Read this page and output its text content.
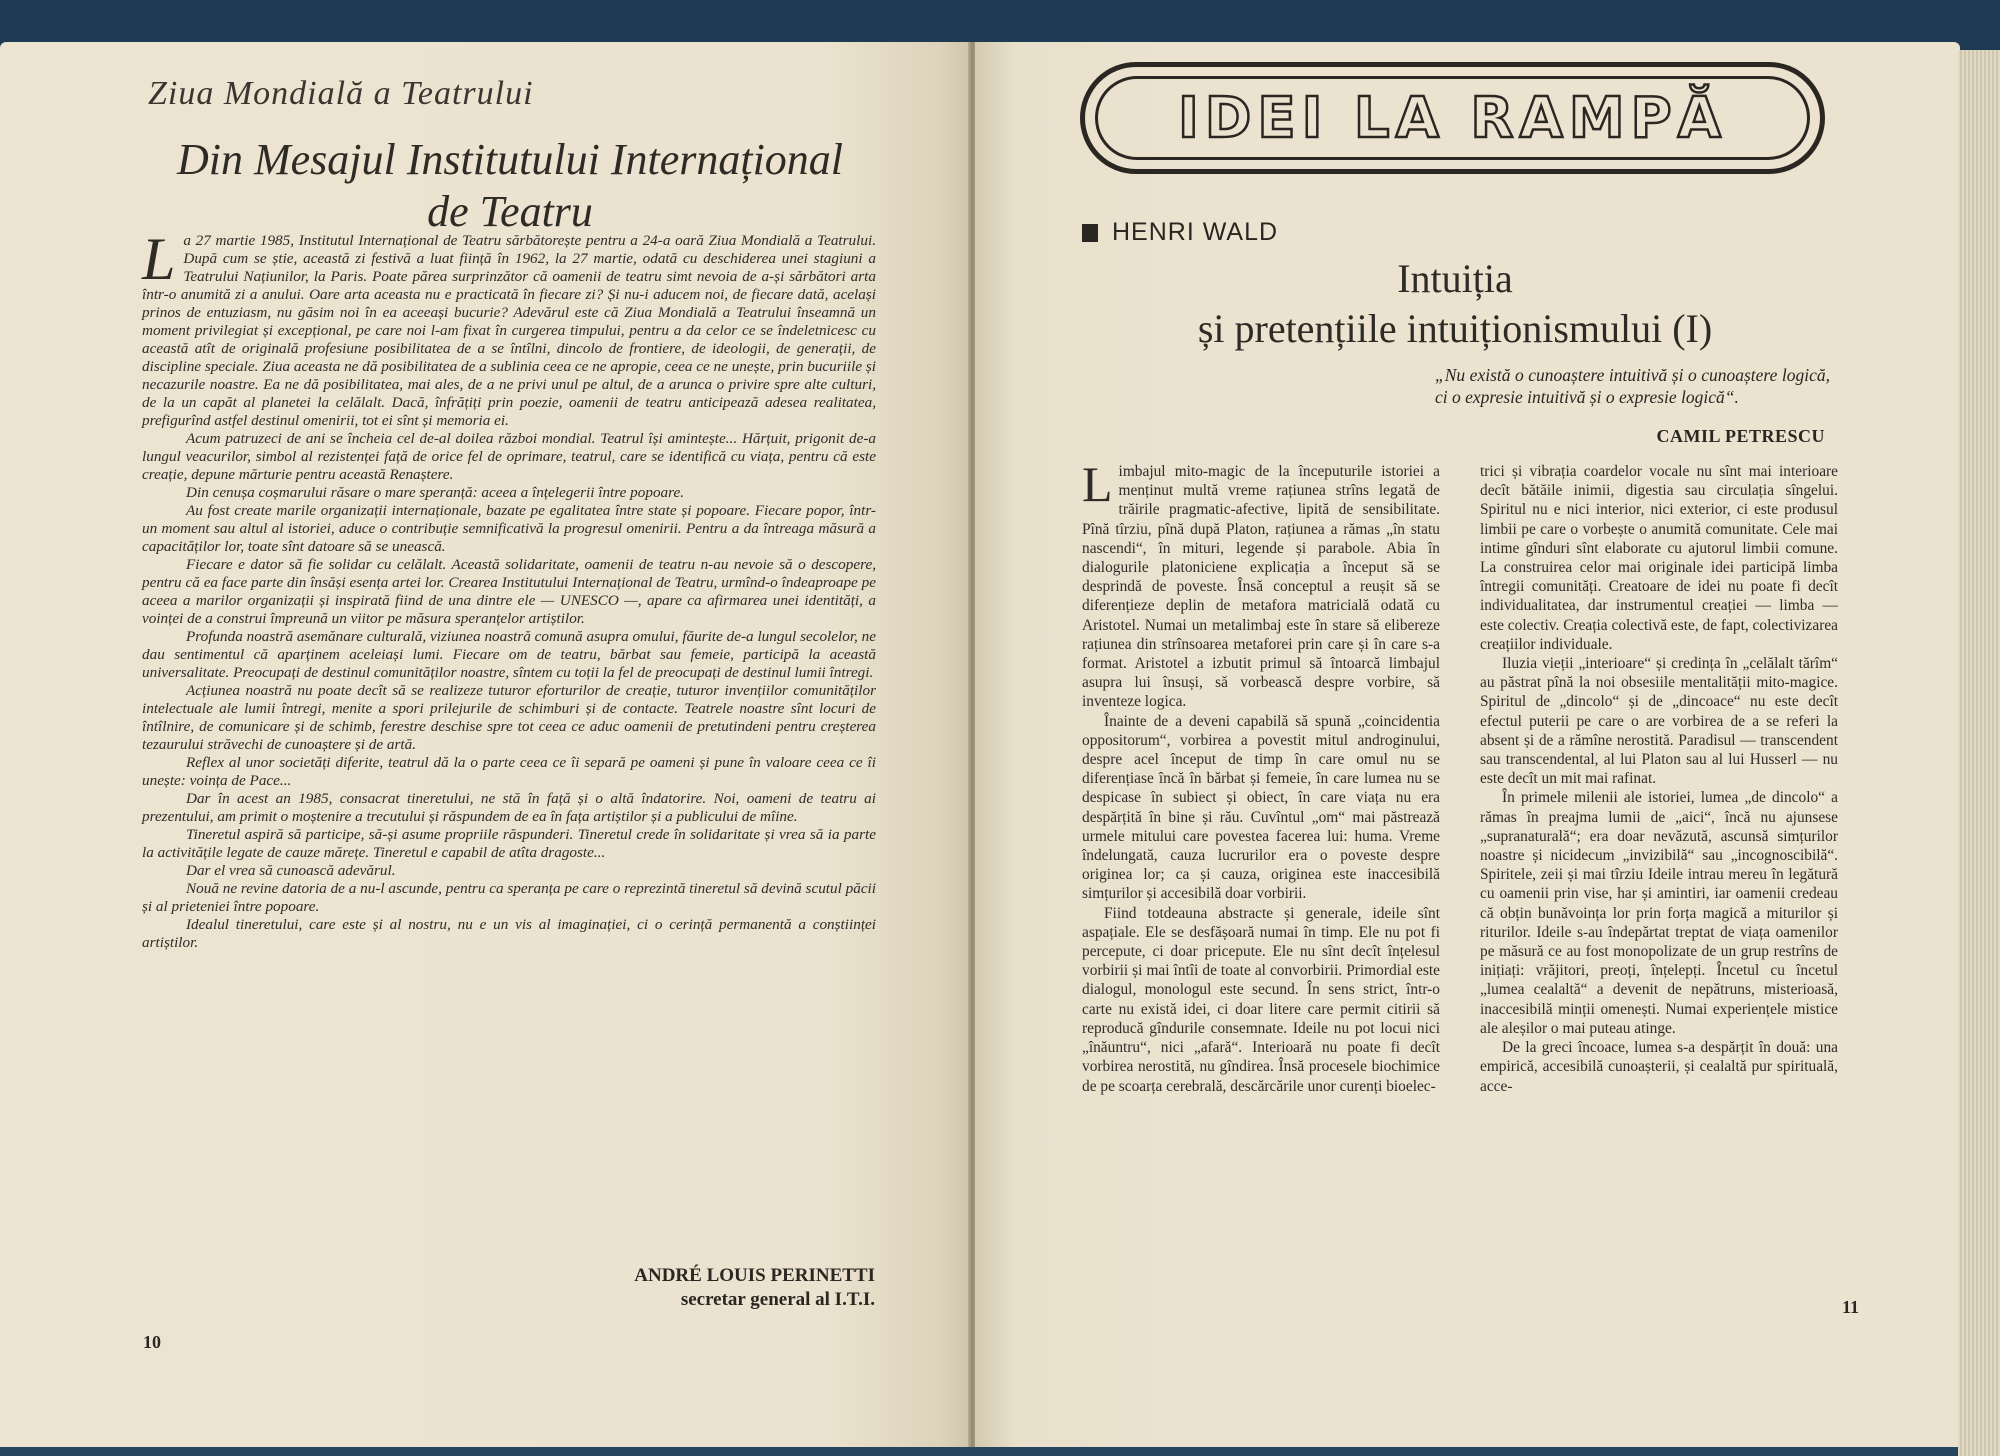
Ziua Mondială a Teatrului
Din Mesajul Institutului Internațional
de Teatru

La 27 martie 1985, Institutul Internațional de Teatru sărbătorește pentru a 24-a oară Ziua Mondială a Teatrului. După cum se știe, această zi festivă a luat ființă în 1962, la 27 martie, odată cu deschiderea unei stagiuni a Teatrului Națiunilor, la Paris. Poate părea surprinzător că oamenii de teatru simt nevoia de a-și sărbători arta într-o anumită zi a anului. Oare arta aceasta nu e practicată în fiecare zi? Și nu-i aducem noi, de fiecare dată, același prinos de entuziasm, nu găsim noi în ea aceeași bucurie? Adevărul este că Ziua Mondială a Teatrului înseamnă un moment privilegiat și excepțional, pe care noi l-am fixat în curgerea timpului, pentru a da celor ce se îndeletnicesc cu această atît de originală profesiune posibilitatea de a se întîlni, dincolo de frontiere, de ideologii, de generații, de discipline speciale. Ziua aceasta ne dă posibilitatea de a sublinia ceea ce ne apropie, ceea ce ne unește, prin bucuriile și necazurile noastre. Ea ne dă posibilitatea, mai ales, de a ne privi unul pe altul, de a arunca o privire spre alte culturi, de la un capăt al planetei la celălalt. Dacă, înfrățiți prin poezie, oamenii de teatru anticipează adesea realitatea, prefigurînd astfel destinul omenirii, tot ei sînt și memoria ei.

Acum patruzeci de ani se încheia cel de-al doilea război mondial. Teatrul își amintește... Hărțuit, prigonit de-a lungul veacurilor, simbol al rezistenței față de orice fel de oprimare, teatrul, care se identifică cu viața, pentru că este creație, depune mărturie pentru această Renaștere.

Din cenușa coșmarului răsare o mare speranță: aceea a înțelegerii între popoare.

Au fost create marile organizații internaționale, bazate pe egalitatea între state și popoare. Fiecare popor, într-un moment sau altul al istoriei, aduce o contribuție semnificativă la progresul omenirii. Pentru a da întreaga măsură a capacităților lor, toate sînt datoare să se unească.

Fiecare e dator să fie solidar cu celălalt. Această solidaritate, oamenii de teatru n-au nevoie să o descopere, pentru că ea face parte din însăși esența artei lor. Crearea Institutului Internațional de Teatru, urmînd-o îndeaproape pe aceea a marilor organizații și inspirată fiind de una dintre ele — UNESCO —, apare ca afirmarea unei identități, a voinței de a construi împreună un viitor pe măsura speranțelor artiștilor.

Profunda noastră asemănare culturală, viziunea noastră comună asupra omului, făurite de-a lungul secolelor, ne dau sentimentul că aparținem aceleiași lumi. Fiecare om de teatru, bărbat sau femeie, participă la această universalitate. Preocupați de destinul comunităților noastre, sîntem cu toții la fel de preocupați de destinul lumii întregi.

Acțiunea noastră nu poate decît să se realizeze tuturor eforturilor de creație, tuturor invențiilor comunităților intelectuale ale lumii întregi, menite a spori prilejurile de schimburi și de contacte. Teatrele noastre sînt locuri de întîlnire, de comunicare și de schimb, ferestre deschise spre tot ceea ce aduc oamenii de pretutindeni pentru creșterea tezaurului străvechi de cunoaștere și de artă.

Reflex al unor societăți diferite, teatrul dă la o parte ceea ce îi separă pe oameni și pune în valoare ceea ce îi unește: voința de Pace...

Dar în acest an 1985, consacrat tineretului, ne stă în față și o altă îndatorire. Noi, oameni de teatru ai prezentului, am primit o moștenire a trecutului și răspundem de ea în fața artiștilor și a publicului de mîine.

Tineretul aspiră să participe, să-și asume propriile răspunderi. Tineretul crede în solidaritate și vrea să ia parte la activitățile legate de cauze mărețe. Tineretul e capabil de atîta dragoste...

Dar el vrea să cunoască adevărul.

Nouă ne revine datoria de a nu-l ascunde, pentru ca speranța pe care o reprezintă tineretul să devină scutul păcii și al prieteniei între popoare.

Idealul tineretului, care este și al nostru, nu e un vis al imaginației, ci o cerință permanentă a conștiinței artiștilor.

ANDRÉ LOUIS PERINETTI
secretar general al I.T.I.
10
IDEI LA RAMPĂ
HENRI WALD
Intuiția
și pretențiile intuiționismului (I)
„Nu există o cunoaștere intuitivă și o cunoaștere logică, ci o expresie intuitivă și o expresie logică“.
CAMIL PETRESCU

Limbajul mito-magic de la începuturile istoriei a menținut multă vreme rațiunea strîns legată de trăirile pragmatic-afective, lipită de sensibilitate. Pînă tîrziu, pînă după Platon, rațiunea a rămas „în statu nascendi“, în mituri, legende și parabole. Abia în dialogurile platoniciene explicația a început să se desprindă de poveste. Însă conceptul a reușit să se diferențieze deplin de metafora matricială odată cu Aristotel. Numai un metalimbaj este în stare să elibereze rațiunea din strînsoarea metaforei prin care și în care s-a format. Aristotel a izbutit primul să întoarcă limbajul asupra lui însuși, să vorbească despre vorbire, să inventeze logica.

Înainte de a deveni capabilă să spună „coincidentia oppositorum“, vorbirea a povestit mitul androginului, despre acel început de timp în care omul nu se diferențiase încă în bărbat și femeie, în care lumea nu se despicase în subiect și obiect, în care viața nu era despărțită în bine și rău. Cuvîntul „om“ mai păstrează urmele mitului care povestea facerea lui: huma. Vreme îndelungată, cauza lucrurilor era o poveste despre originea lor; ca și cauza, originea este inaccesibilă simțurilor și accesibilă doar vorbirii.

Fiind totdeauna abstracte și generale, ideile sînt aspațiale. Ele se desfășoară numai în timp. Ele nu pot fi percepute, ci doar pricepute. Ele nu sînt decît înțelesul vorbirii și mai întîi de toate al convorbirii. Primordial este dialogul, monologul este secund. În sens strict, într-o carte nu există idei, ci doar litere care permit citirii să reproducă gîndurile consemnate. Ideile nu pot locui nici „înăuntru“, nici „afară“. Interioară nu poate fi decît vorbirea nerostită, nu gîndirea. Însă procesele biochimice de pe scoarța cerebrală, descărcările unor curenți bioelec-

trici și vibrația coardelor vocale nu sînt mai interioare decît bătăile inimii, digestia sau circulația sîngelui. Spiritul nu e nici interior, nici exterior, ci este produsul limbii pe care o vorbește o anumită comunitate. Cele mai intime gînduri sînt elaborate cu ajutorul limbii comune. La construirea celor mai originale idei participă limba întregii comunități. Creatoare de idei nu poate fi decît individualitatea, dar instrumentul creației — limba — este colectiv. Creația colectivă este, de fapt, colectivizarea creațiilor individuale.

Iluzia vieții „interioare“ și credința în „celălalt tărîm“ au păstrat pînă la noi obsesiile mentalității mito-magice. Spiritul de „dincolo“ și de „dincoace“ nu este decît efectul puterii pe care o are vorbirea de a se referi la absent și de a rămîne nerostită. Paradisul — transcendent sau transcendental, al lui Platon sau al lui Husserl — nu este decît un mit mai rafinat.

În primele milenii ale istoriei, lumea „de dincolo“ a rămas în preajma lumii de „aici“, încă nu ajunsese „supranaturală“; era doar nevăzută, ascunsă simțurilor noastre și nicidecum „invizibilă“ sau „incognoscibilă“. Spiritele, zeii și mai tîrziu Ideile intrau mereu în legătură cu oamenii prin vise, har și amintiri, iar oamenii credeau că obțin bunăvoința lor prin forța magică a miturilor și riturilor. Ideile s-au îndepărtat treptat de viața oamenilor pe măsură ce au fost monopolizate de un grup restrîns de inițiați: vrăjitori, preoți, înțelepți. Încetul cu încetul „lumea cealaltă“ a devenit de nepătruns, misterioasă, inaccesibilă minții omenești. Numai experiențele mistice ale aleșilor o mai puteau atinge.

De la greci încoace, lumea s-a despărțit în două: una empirică, accesibilă cunoașterii, și cealaltă pur spirituală, acce-

11
